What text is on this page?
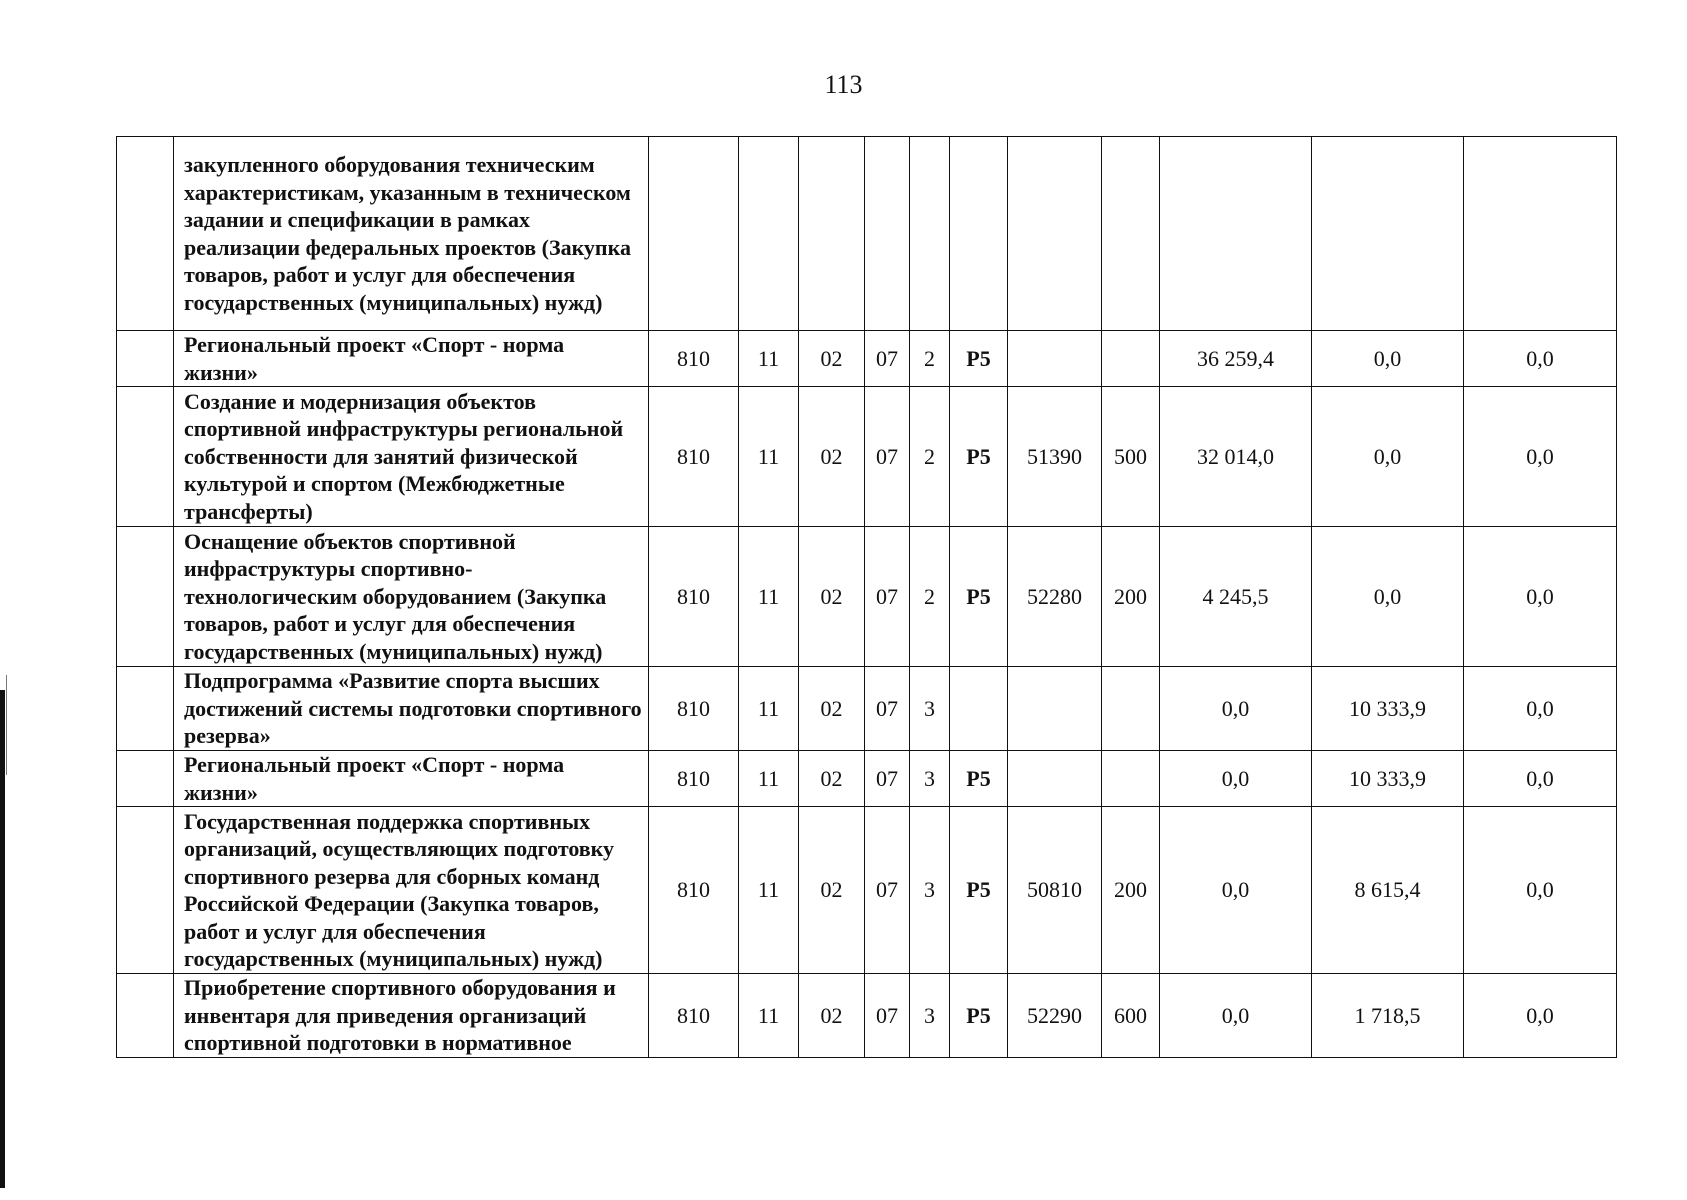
113
	закупленного оборудования техническим характеристикам, указанным в техническом задании и спецификации в рамках реализации федеральных проектов (Закупка товаров, работ и услуг для обеспечения государственных (муниципальных) нужд)											
	Региональный проект «Спорт - норма жизни»	810	11	02	07	2	P5			36 259,4	0,0	0,0
	Создание и модернизация объектов спортивной инфраструктуры региональной собственности для занятий физической культурой и спортом (Межбюджетные трансферты)	810	11	02	07	2	P5	51390	500	32 014,0	0,0	0,0
	Оснащение объектов спортивной инфраструктуры спортивно-технологическим оборудованием (Закупка товаров, работ и услуг для обеспечения государственных (муниципальных) нужд)	810	11	02	07	2	P5	52280	200	4 245,5	0,0	0,0
	Подпрограмма «Развитие спорта высших достижений системы подготовки спортивного резерва»	810	11	02	07	3				0,0	10 333,9	0,0
	Региональный проект «Спорт - норма жизни»	810	11	02	07	3	P5			0,0	10 333,9	0,0
	Государственная поддержка спортивных организаций, осуществляющих подготовку спортивного резерва для сборных команд Российской Федерации (Закупка товаров, работ и услуг для обеспечения государственных (муниципальных) нужд)	810	11	02	07	3	P5	50810	200	0,0	8 615,4	0,0
	Приобретение спортивного оборудования и инвентаря для приведения организаций спортивной подготовки в нормативное	810	11	02	07	3	P5	52290	600	0,0	1 718,5	0,0
